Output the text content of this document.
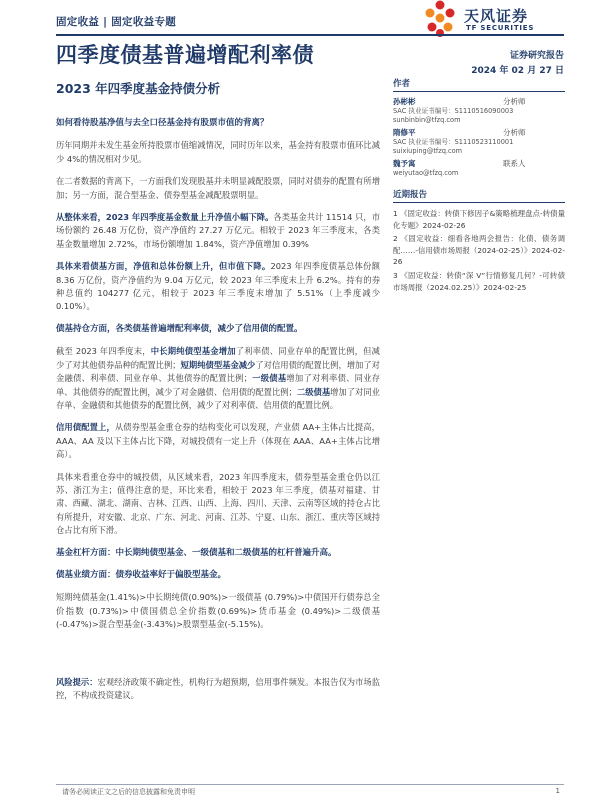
固定收益 | 固定收益专题	天风证券
TF SECURITIES
四季度债基普遍增配利率债	证券研究报告
2024 年 02 月 27 日
2023 年四季度基金持债分析
如何看待股基净值与去全口径基金持有股票市值的背离？

历年同期并未发生基金所持股票市值缩减情况，同时历年以来，基金持有股票市值环比减少 4%的情况相对少见。

在二者数据的背离下，一方面我们发现股基并未明显减配股票，同时对债券的配置有所增加；另一方面，混合型基金、债券型基金减配股票明显。

从整体来看，2023 年四季度基金数量上升净值小幅下降。各类基金共计 11514 只，市场份额约 26.48 万亿份，资产净值约 27.27 万亿元。相较于 2023 年三季度末，各类基金数量增加 2.72%，市场份额增加 1.84%，资产净值增加 0.39%

具体来看债基方面，净值和总体份额上升，但市值下降。2023 年四季度债基总体份额 8.36 万亿份，资产净值约为 9.04 万亿元，较 2023 年三季度末上升 6.2%。持有的券种总值约 104277 亿元，相较于 2023 年三季度末增加了 5.51%（上季度减少 0.10%）。

债基持仓方面，各类债基普遍增配利率债，减少了信用债的配置。

截至 2023 年四季度末，中长期纯债型基金增加了利率债、同业存单的配置比例，但减少了对其他债券品种的配置比例；短期纯债型基金减少了对信用债的配置比例，增加了对金融债、利率债、同业存单、其他债券的配置比例；一级债基增加了对利率债、同业存单、其他债券的配置比例，减少了对金融债、信用债的配置比例；二级债基增加了对同业存单、金融债和其他债券的配置比例，减少了对利率债、信用债的配置比例。

信用债配置上，从债券型基金重仓券的结构变化可以发现，产业债 AA+主体占比提高，AAA、AA 及以下主体占比下降，对城投债有一定上升（体现在 AAA、AA+主体占比增高）。

具体来看重仓券中的城投债，从区域来看，2023 年四季度末，债券型基金重仓仍以江苏、浙江为主；值得注意的是，环比来看，相较于 2023 年三季度，债基对福建、甘肃、西藏、湖北、湖南、吉林、江西、山西、上海、四川、天津、云南等区域的持仓占比有所提升，对安徽、北京、广东、河北、河南、江苏、宁夏、山东、浙江、重庆等区域持仓占比有所下滑。

基金杠杆方面：中长期纯债型基金、一级债基和二级债基的杠杆普遍升高。
债基业绩方面：债券收益率好于偏股型基金。

短期纯债基金(1.41%)>中长期纯债(0.90%)>一级债基 (0.79%)>中债国开行债券总全价指数 (0.73%)>中债国债总全价指数(0.69%)>货币基金 (0.49%)>二级债基(-0.47%)>混合型基金(-3.43%)>股票型基金(-5.15%)。

风险提示：宏观经济政策不确定性，机构行为超预期，信用事件频发。本报告仅为市场监控，不构成投资建议。

作者
孙彬彬	分析师
SAC 执业证书编号：S1110516090003
sunbinbin@tfzq.com
隋修平	分析师
SAC 执业证书编号：S1110523110001
suixiuping@tfzq.com
魏予寓	联系人
weiyutao@tfzq.com
近期报告
1 《固定收益：转债下修因子&策略梳理盘点-转债量化专题》2024-02-26
2 《固定收益：细看各地两会报告：化债、债务调配……-信用债市场周报（2024-02-25）》2024-02-26
3 《固定收益：转债“深 V”行情修复几何？-可转债市场周报（2024.02.25）》2024-02-25
请务必阅读正文之后的信息披露和免责申明	1
